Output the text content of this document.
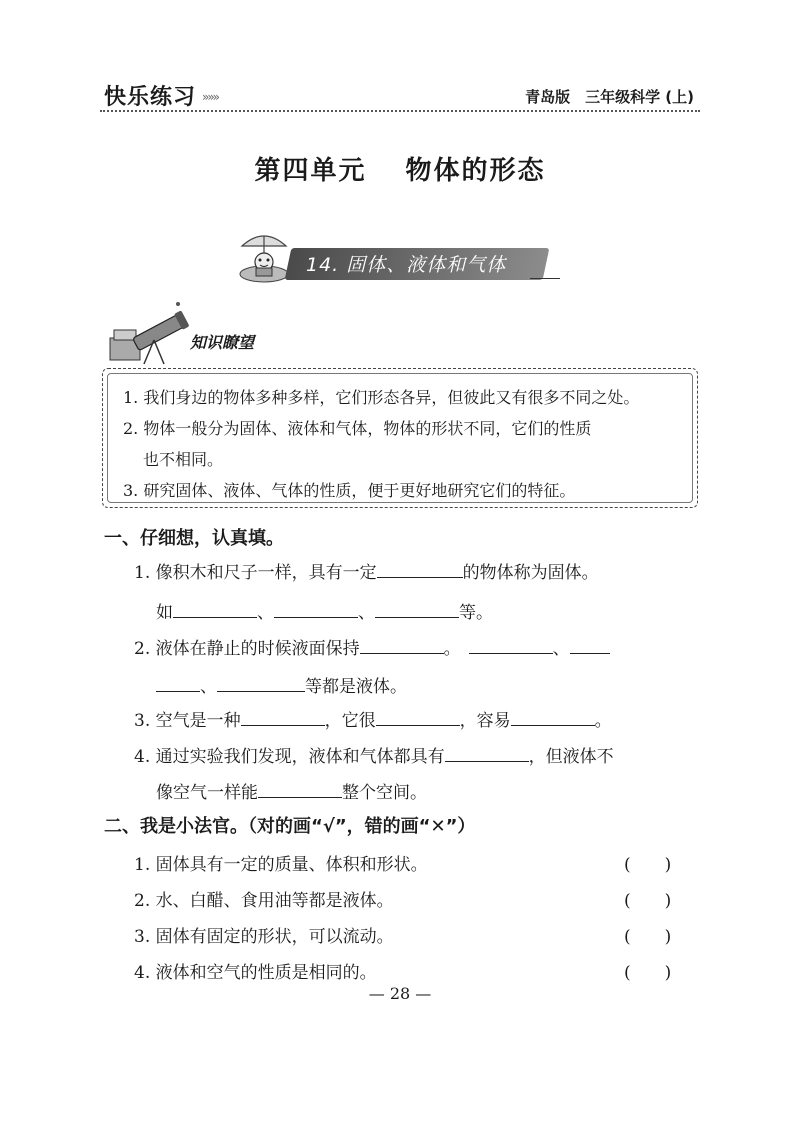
快乐练习 »»»	青岛版　三年级科学 (上)
第四单元　 物体的形态
14. 固体、液体和气体
知识瞭望
1. 我们身边的物体多种多样，它们形态各异，但彼此又有很多不同之处。
2. 物体一般分为固体、液体和气体，物体的形状不同，它们的性质
也不相同。
3. 研究固体、液体、气体的性质，便于更好地研究它们的特征。
一、仔细想，认真填。
1. 像积木和尺子一样，具有一定	的物体称为固体。
如	、	、	等。
2. 液体在静止的时候液面保持	。	、
、	等都是液体。
3. 空气是一种	，它很	，容易	。
4. 通过实验我们发现，液体和气体都具有	，但液体不
像空气一样能	整个空间。
二、我是小法官。（对的画“√”，错的画“✕”）
1. 固体具有一定的质量、体积和形状。	(　　)
2. 水、白醋、食用油等都是液体。	(　　)
3. 固体有固定的形状，可以流动。	(　　)
4. 液体和空气的性质是相同的。	(　　)
— 28 —
